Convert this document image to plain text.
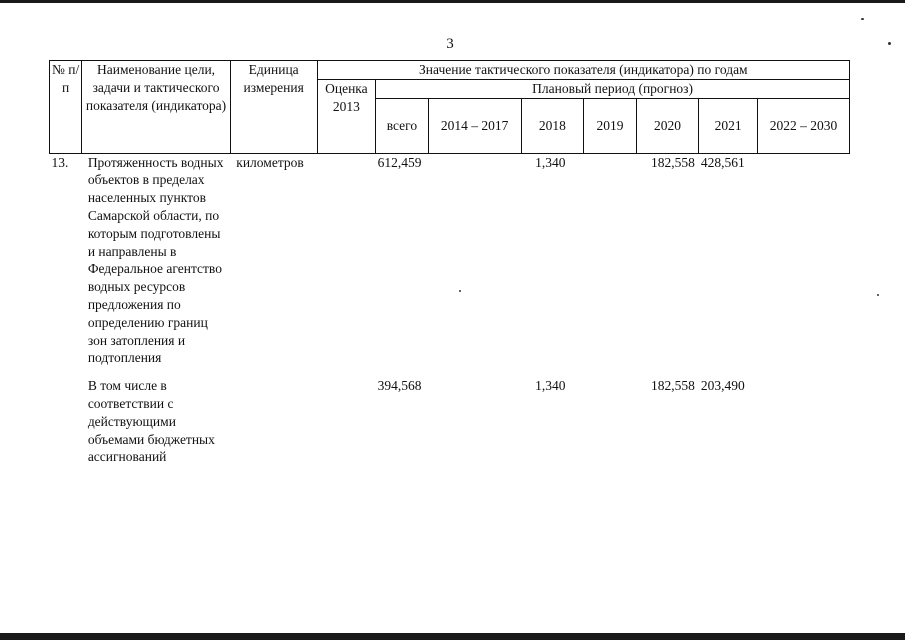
3
№ п/п	Наименование цели, задачи и тактического показателя (индикатора)	Единица измерения	Значение тактического показателя (индикатора) по годам							
			Оценка 2013	Плановый период (прогноз)						
				всего	2014 – 2017	2018	2019	2020	2021	2022 – 2030
13.	Протяженность водных объектов в пределах населенных пунктов Самарской области, по которым подготовлены и направлены в Федеральное агентство водных ресурсов предложения по определению границ зон затопления и подтопления	километров		612,459		1,340		182,558	428,561	

	В том числе в соответствии с действующими объемами бюджетных ассигнований			394,568		1,340		182,558	203,490	
